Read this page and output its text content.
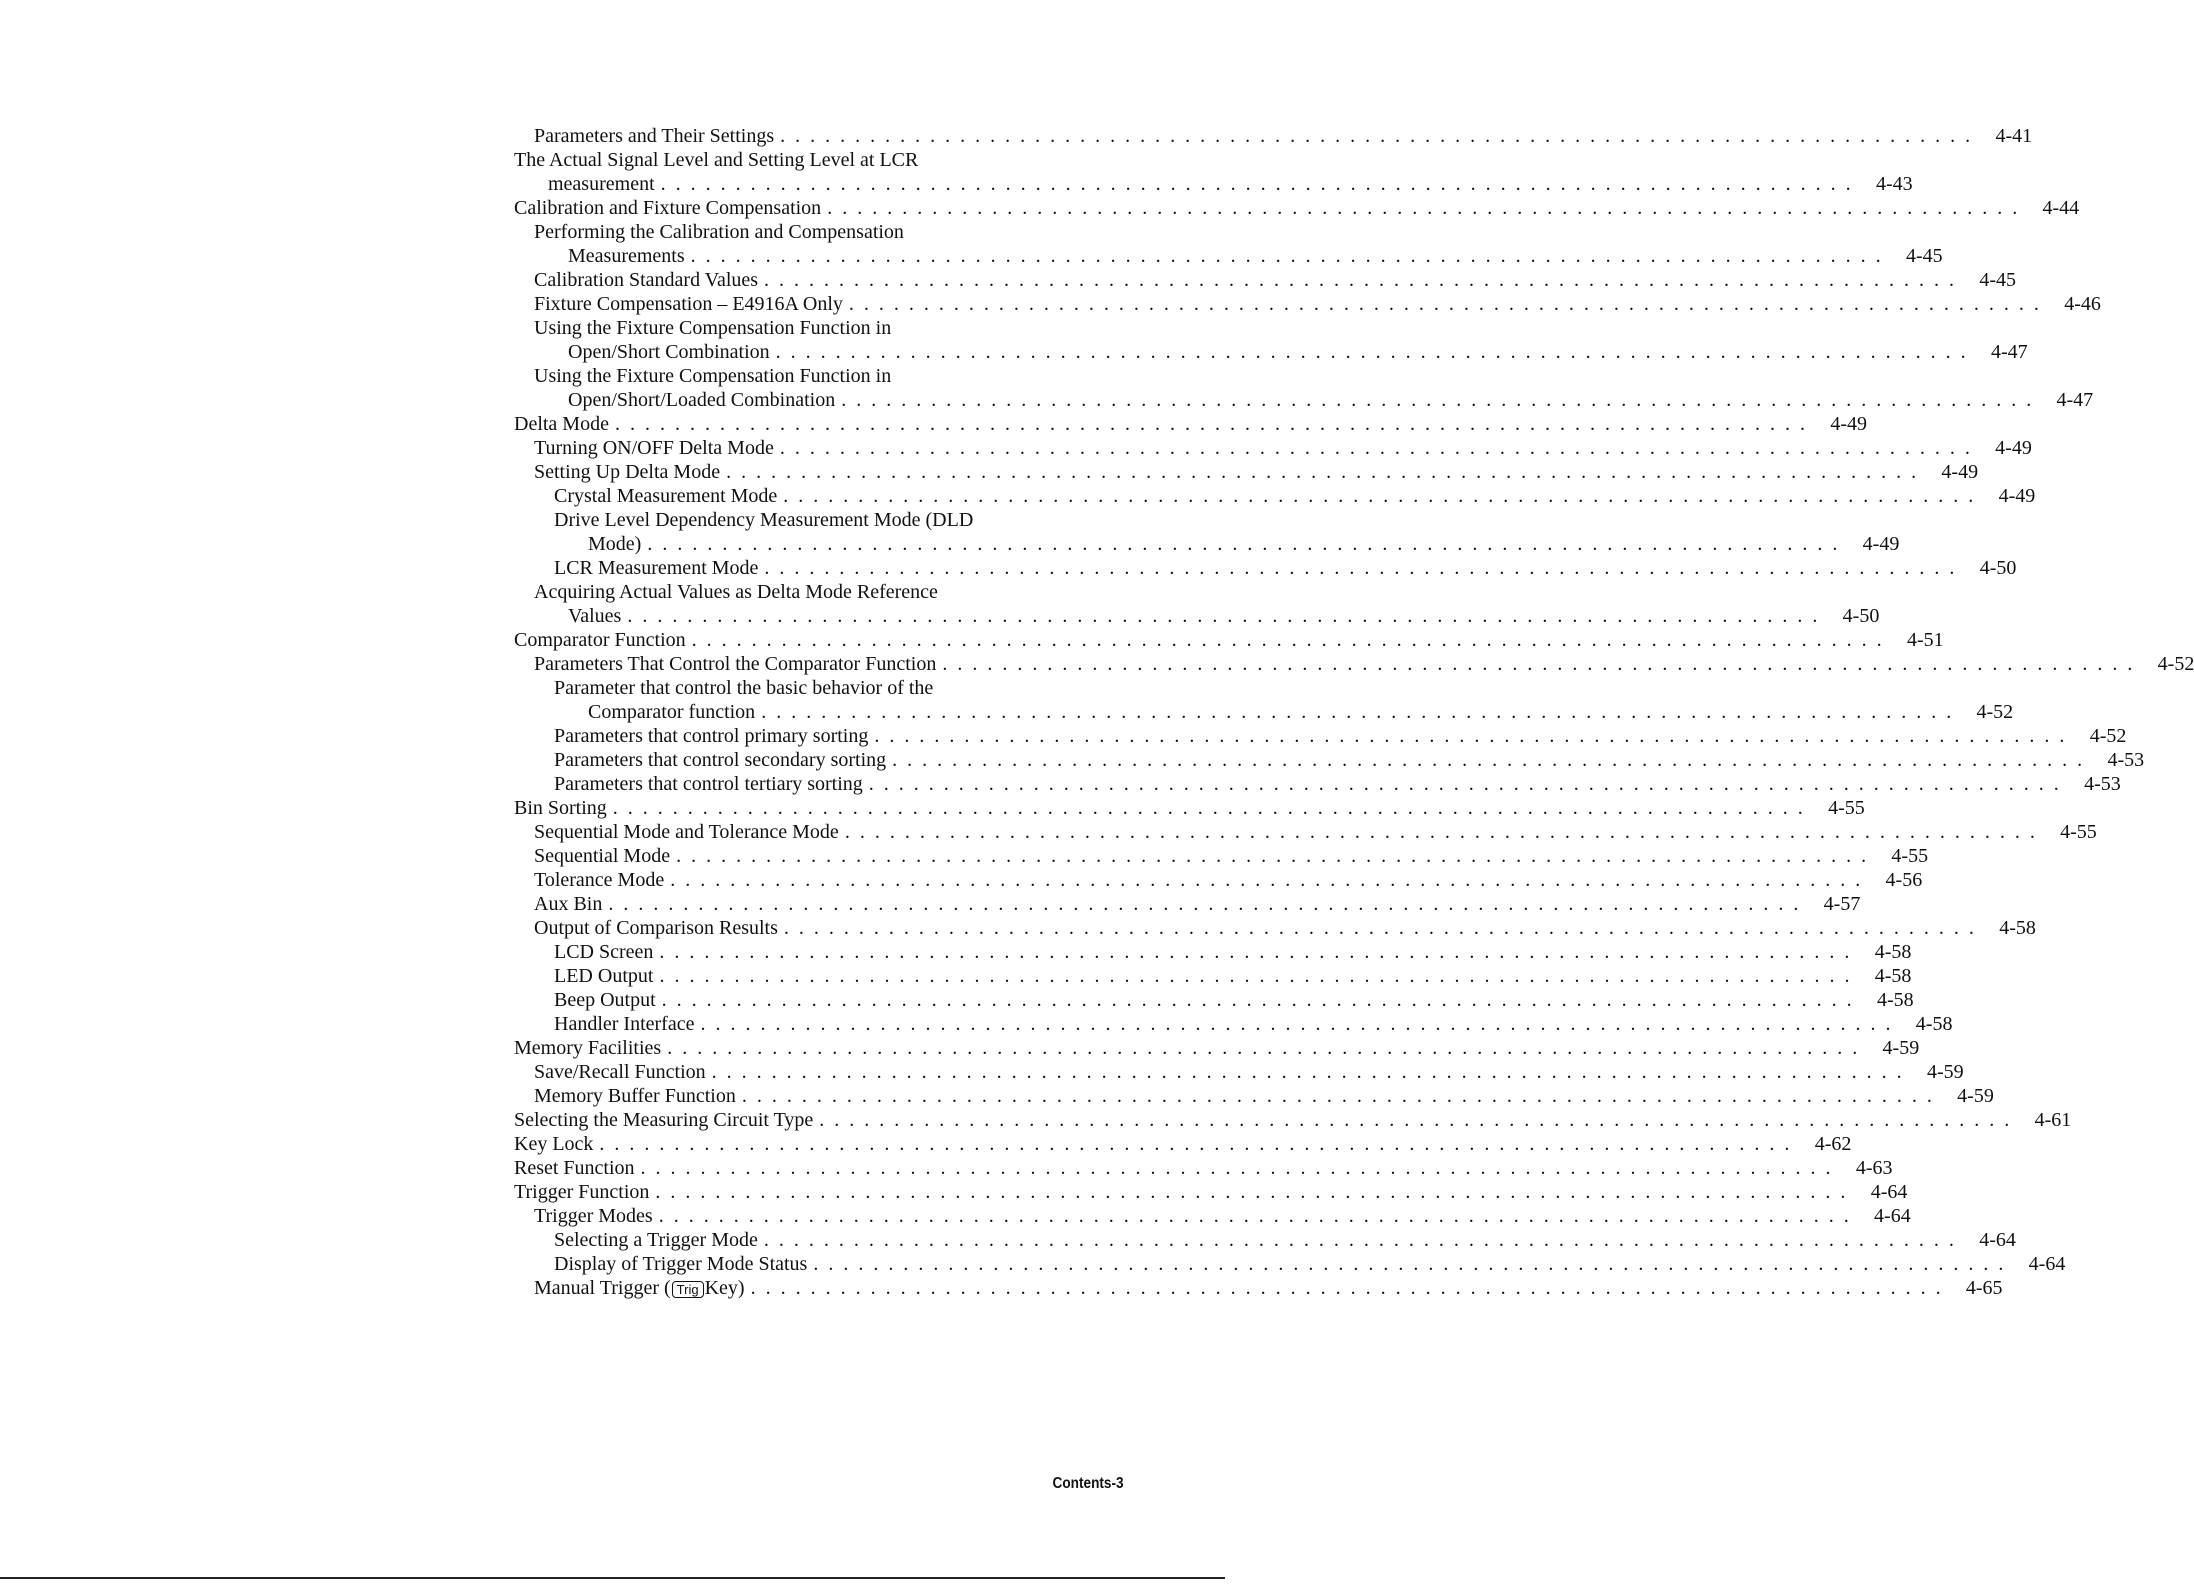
Parameters and Their Settings ................................................................................ 4-41
The Actual Signal Level and Setting Level at LCR
measurement ................................................................................ 4-43
Calibration and Fixture Compensation ................................................................................ 4-44
Performing the Calibration and Compensation
Measurements ................................................................................ 4-45
Calibration Standard Values ................................................................................ 4-45
Fixture Compensation – E4916A Only ................................................................................ 4-46
Using the Fixture Compensation Function in
Open/Short Combination ................................................................................ 4-47
Using the Fixture Compensation Function in
Open/Short/Loaded Combination ................................................................................ 4-47
Delta Mode ................................................................................ 4-49
Turning ON/OFF Delta Mode ................................................................................ 4-49
Setting Up Delta Mode ................................................................................ 4-49
Crystal Measurement Mode ................................................................................ 4-49
Drive Level Dependency Measurement Mode (DLD
Mode) ................................................................................ 4-49
LCR Measurement Mode ................................................................................ 4-50
Acquiring Actual Values as Delta Mode Reference
Values ................................................................................ 4-50
Comparator Function ................................................................................ 4-51
Parameters That Control the Comparator Function ................................................................................ 4-52
Parameter that control the basic behavior of the
Comparator function ................................................................................ 4-52
Parameters that control primary sorting ................................................................................ 4-52
Parameters that control secondary sorting ................................................................................ 4-53
Parameters that control tertiary sorting ................................................................................ 4-53
Bin Sorting ................................................................................ 4-55
Sequential Mode and Tolerance Mode ................................................................................ 4-55
Sequential Mode ................................................................................ 4-55
Tolerance Mode ................................................................................ 4-56
Aux Bin ................................................................................ 4-57
Output of Comparison Results ................................................................................ 4-58
LCD Screen ................................................................................ 4-58
LED Output ................................................................................ 4-58
Beep Output ................................................................................ 4-58
Handler Interface ................................................................................ 4-58
Memory Facilities ................................................................................ 4-59
Save/Recall Function ................................................................................ 4-59
Memory Buffer Function ................................................................................ 4-59
Selecting the Measuring Circuit Type ................................................................................ 4-61
Key Lock ................................................................................ 4-62
Reset Function ................................................................................ 4-63
Trigger Function ................................................................................ 4-64
Trigger Modes ................................................................................ 4-64
Selecting a Trigger Mode ................................................................................ 4-64
Display of Trigger Mode Status ................................................................................ 4-64
Manual Trigger ( Trig Key) ................................................................................ 4-65
Contents-3
